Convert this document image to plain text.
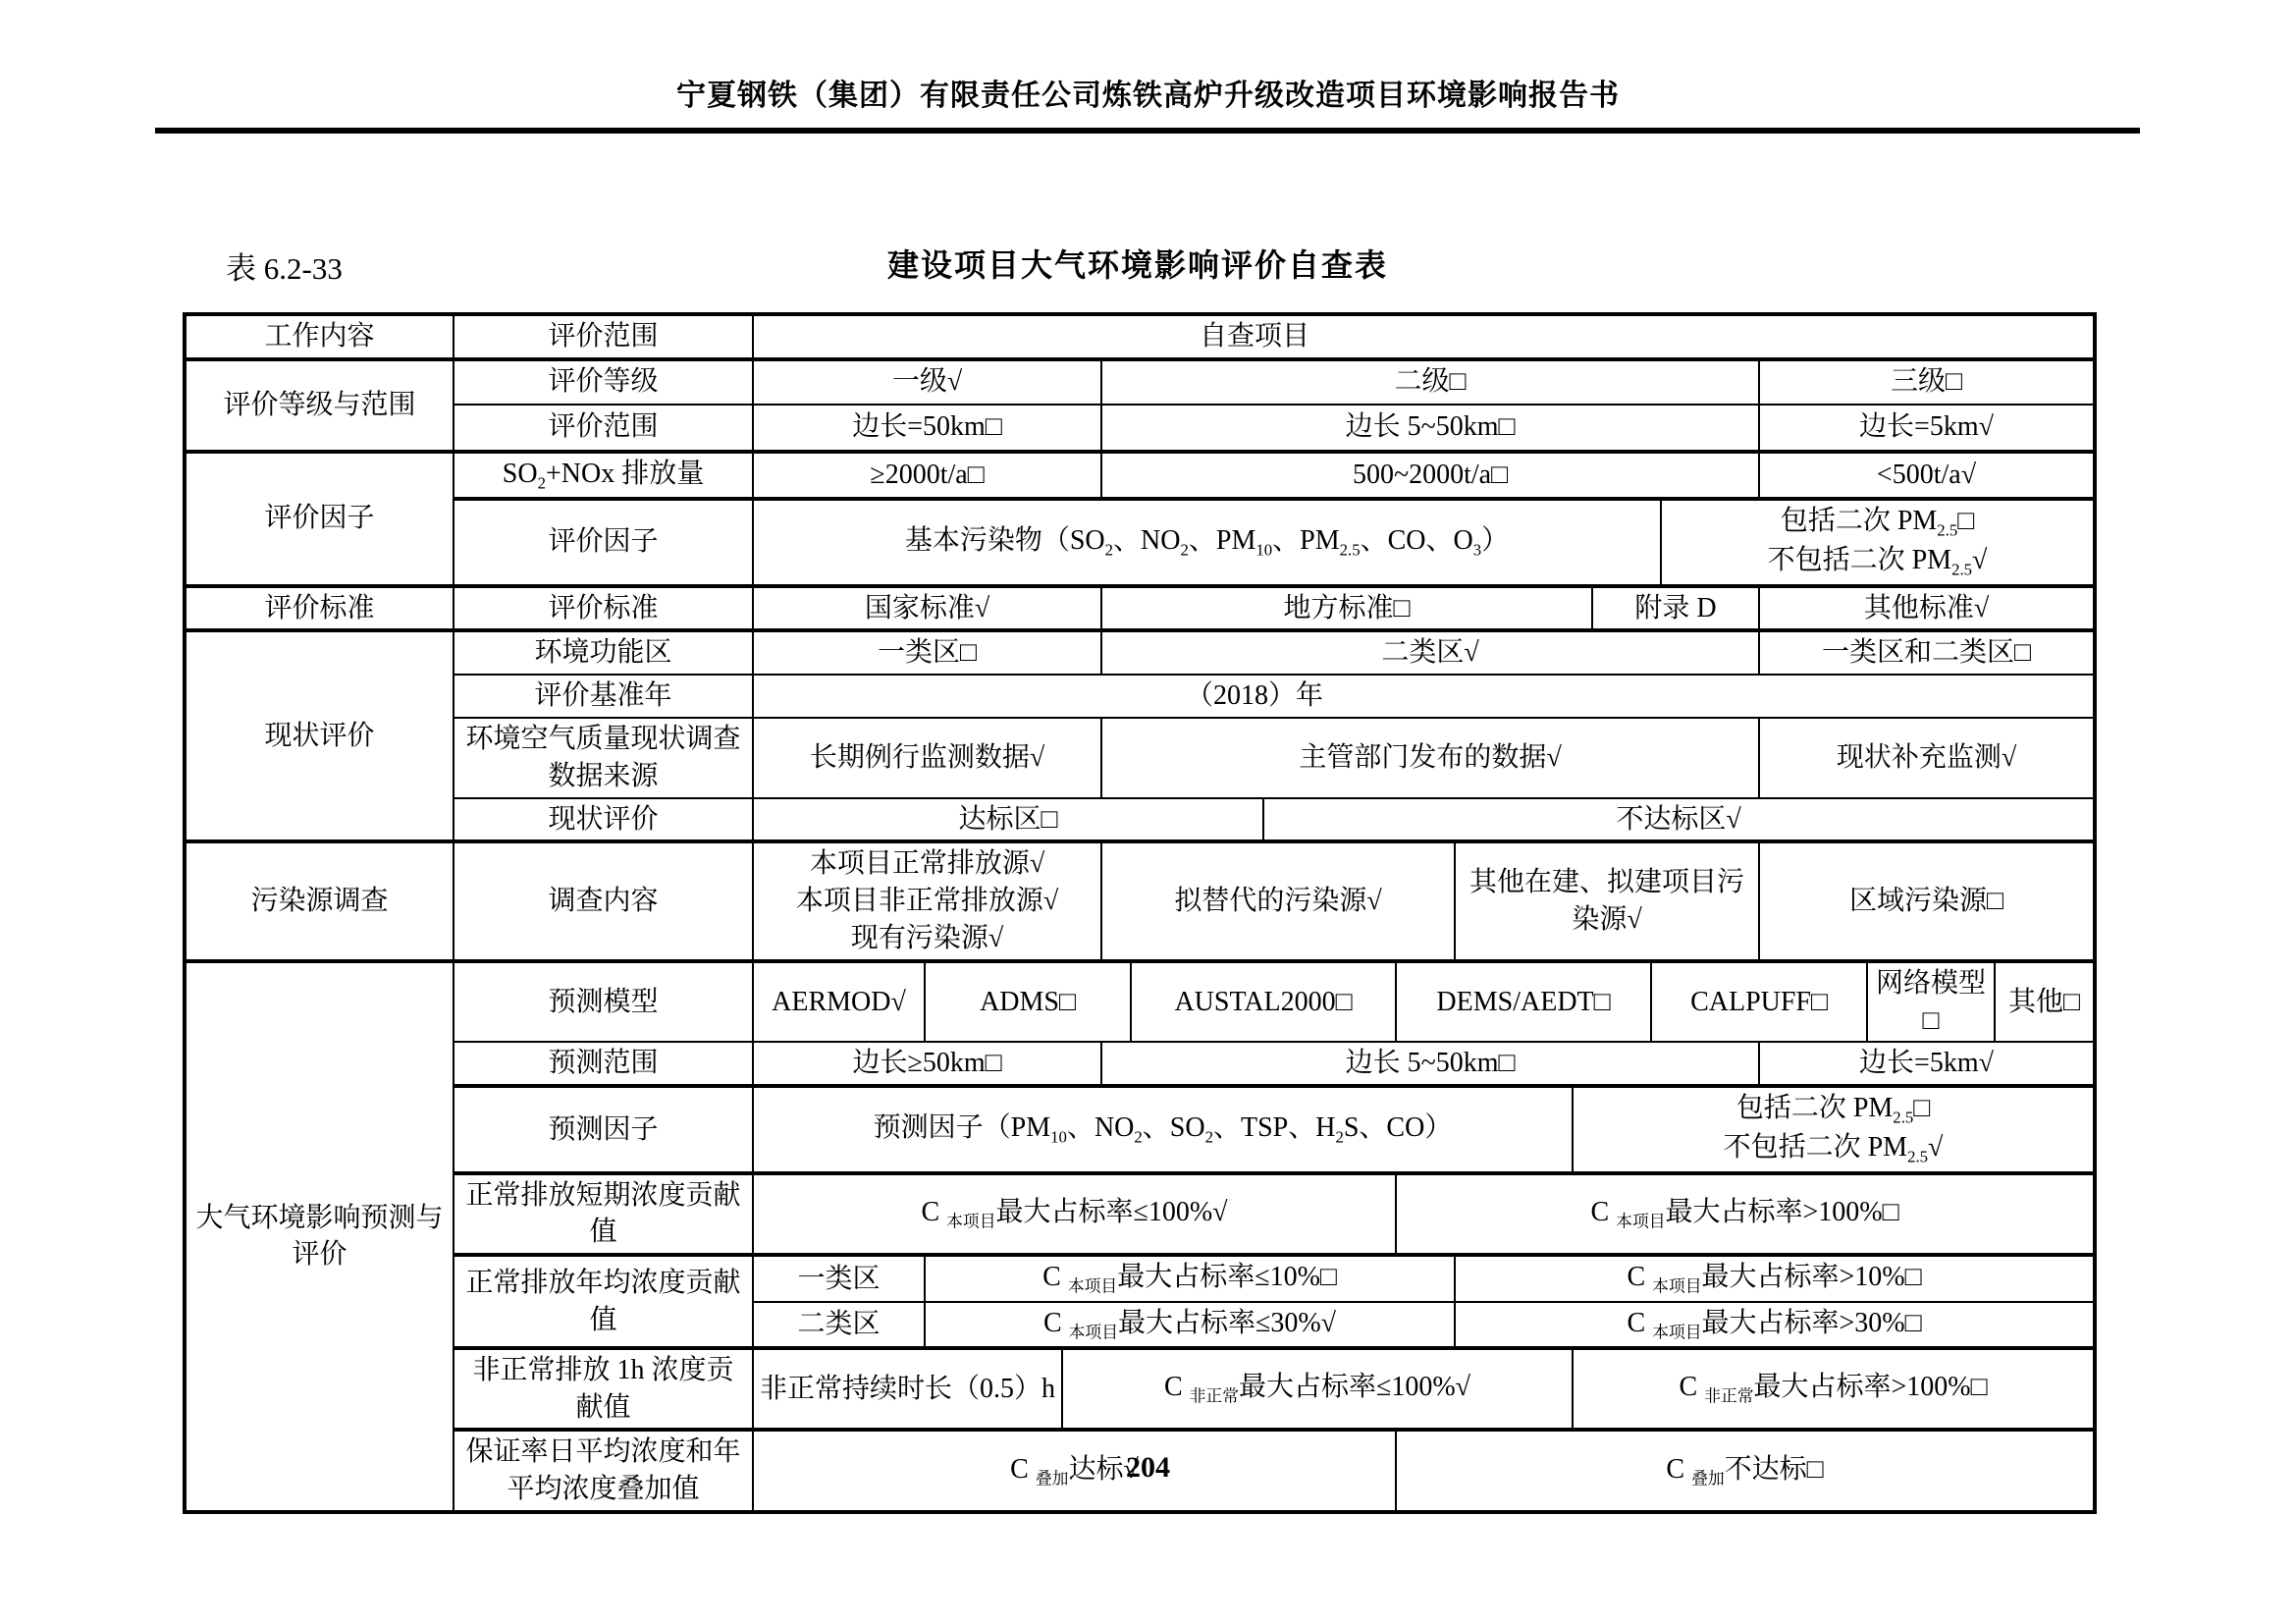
宁夏钢铁（集团）有限责任公司炼铁高炉升级改造项目环境影响报告书
表 6.2-33	建设项目大气环境影响评价自查表
工作内容	评价范围	自查项目														
评价等级与范围	评价等级	一级√			二级□									三级□		
	评价范围	边长=50km□			边长 5~50km□									边长=5km√		
评价因子	$SO_2+NOx$ 排放量	≥2000t/a□			500~2000t/a□									<500t/a√		
	评价因子	基本污染物（$SO_2$、$NO_2$、$PM_{10}$、$PM_{2.5}$、CO、$O_3$）											包括二次 $PM_{2.5}□$
不包括二次 $PM_{2.5}√$			
评价标准	评价标准	国家标准√			地方标准□						附录 D			其他标准√		
现状评价	环境功能区	一类区□			二类区√									一类区和二类区□		
	评价基准年	（2018）年														
	环境空气质量现状调查数据来源	长期例行监测数据√			主管部门发布的数据√									现状补充监测√		
	现状评价	达标区□					不达标区√									
污染源调查	调查内容	本项目正常排放源√
本项目非正常排放源√
现有污染源√			拟替代的污染源√				其他在建、拟建项目污染源√					区域污染源□		
大气环境影响预测与评价	预测模型	AERMOD√	ADMS□			AUSTAL2000□		DEMS/AEDT□				CALPUFF□			网络模型□	其他□
	预测范围	边长≥50km□			边长 5~50km□									边长=5km√		
	预测因子	预测因子（$PM_{10}$、$NO_2$、$SO_2$、TSP、$H_2S$、CO）								包括二次 $PM_{2.5}□$
不包括二次 $PM_{2.5}√$						
	正常排放短期浓度贡献值	C $_{本项目}$最大占标率≤100%√						C $_{本项目}$最大占标率>100%□								
	正常排放年均浓度贡献值	一类区	C $_{本项目}$最大占标率≤10%□						C $_{本项目}$最大占标率>10%□							
		二类区	C $_{本项目}$最大占标率≤30%√						C $_{本项目}$最大占标率>30%□							
	非正常排放 1h 浓度贡献值	非正常持续时长（0.5）h		C $_{非正常}$最大占标率≤100%√						C $_{非正常}$最大占标率>100%□						
	保证率日平均浓度和年平均浓度叠加值	C $_{叠加}$达标√						C $_{叠加}$不达标□								
204
